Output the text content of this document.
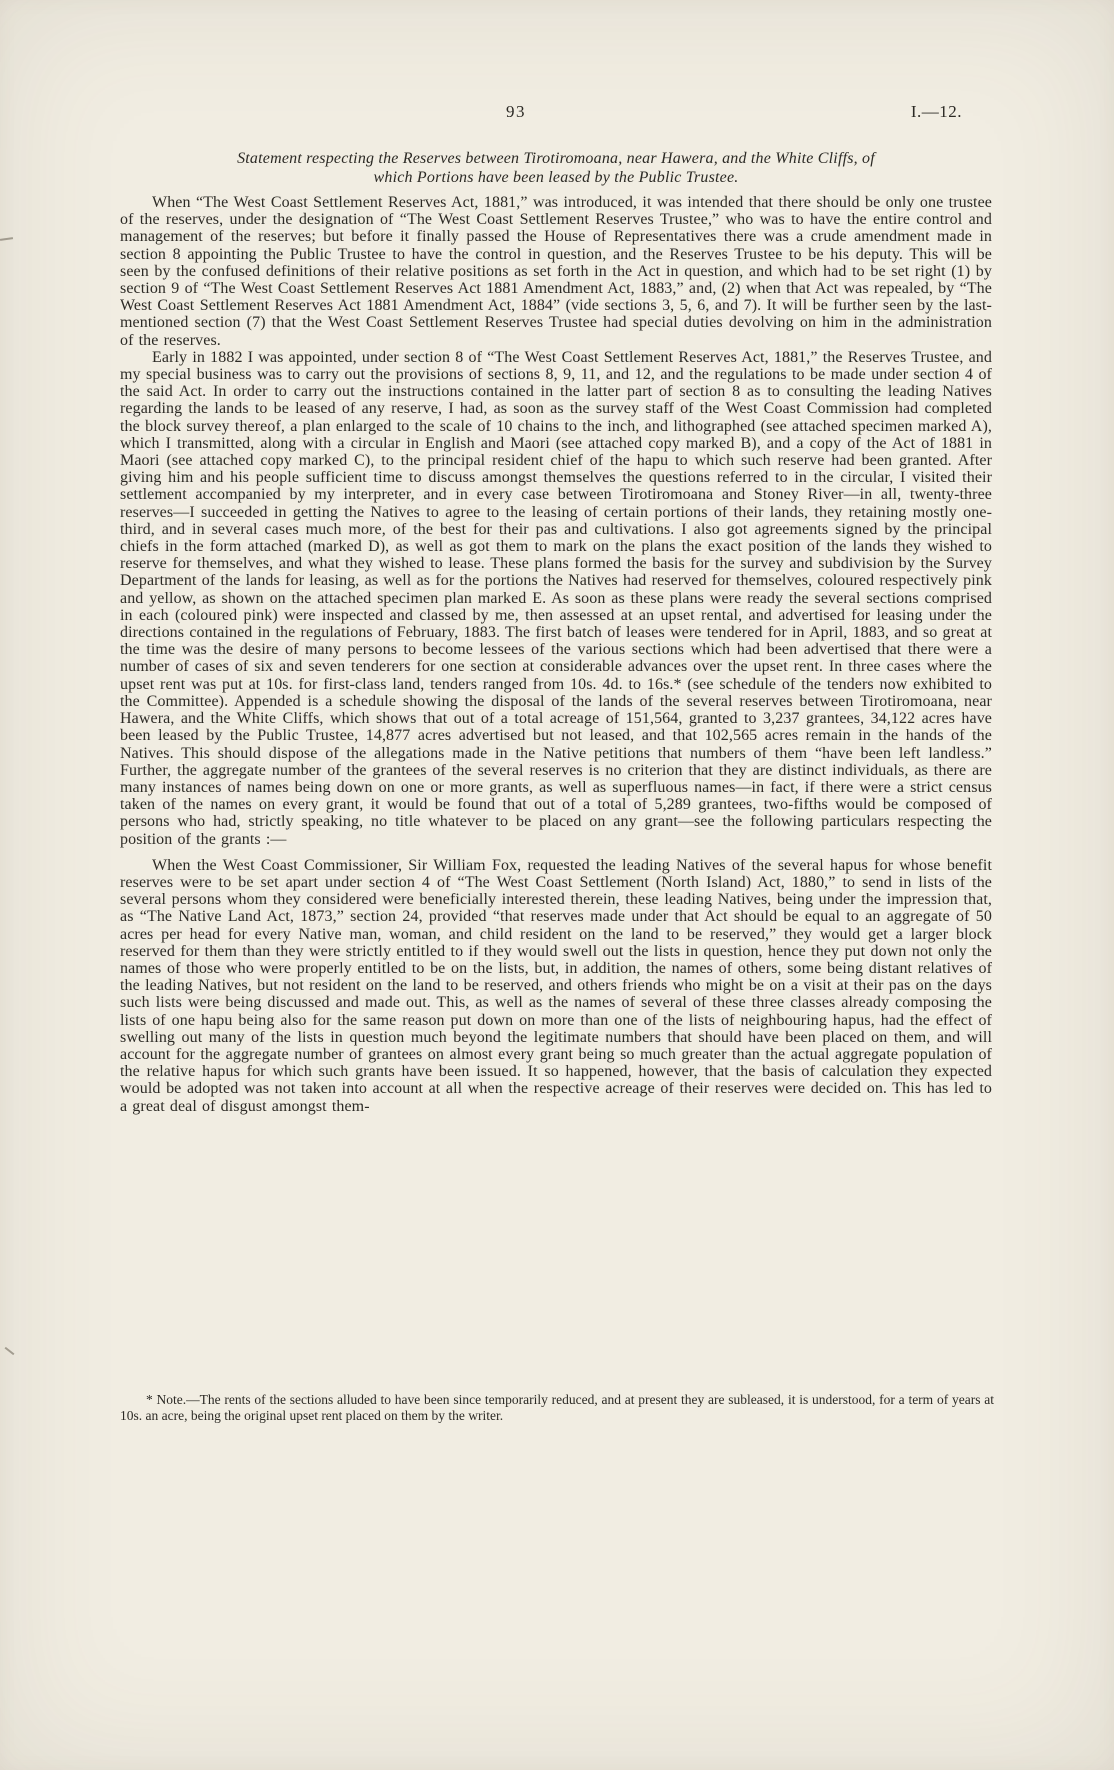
93	I.—12.
Statement respecting the Reserves between Tirotiromoana, near Hawera, and the White Cliffs, of
which Portions have been leased by the Public Trustee.

When “The West Coast Settlement Reserves Act, 1881,” was introduced, it was intended that there should be only one trustee of the reserves, under the designation of “The West Coast Settlement Reserves Trustee,” who was to have the entire control and management of the reserves; but before it finally passed the House of Representatives there was a crude amendment made in section 8 appointing the Public Trustee to have the control in question, and the Reserves Trustee to be his deputy. This will be seen by the confused definitions of their relative positions as set forth in the Act in question, and which had to be set right (1) by section 9 of “The West Coast Settlement Reserves Act 1881 Amendment Act, 1883,” and, (2) when that Act was repealed, by “The West Coast Settlement Reserves Act 1881 Amendment Act, 1884” (vide sections 3, 5, 6, and 7). It will be further seen by the last-mentioned section (7) that the West Coast Settlement Reserves Trustee had special duties devolving on him in the administration of the reserves.

Early in 1882 I was appointed, under section 8 of “The West Coast Settlement Reserves Act, 1881,” the Reserves Trustee, and my special business was to carry out the provisions of sections 8, 9, 11, and 12, and the regulations to be made under section 4 of the said Act. In order to carry out the instructions contained in the latter part of section 8 as to consulting the leading Natives regarding the lands to be leased of any reserve, I had, as soon as the survey staff of the West Coast Commission had completed the block survey thereof, a plan enlarged to the scale of 10 chains to the inch, and lithographed (see attached specimen marked A), which I transmitted, along with a circular in English and Maori (see attached copy marked B), and a copy of the Act of 1881 in Maori (see attached copy marked C), to the principal resident chief of the hapu to which such reserve had been granted. After giving him and his people sufficient time to discuss amongst themselves the questions referred to in the circular, I visited their settlement accompanied by my interpreter, and in every case between Tirotiromoana and Stoney River—in all, twenty-three reserves—I succeeded in getting the Natives to agree to the leasing of certain portions of their lands, they retaining mostly one-third, and in several cases much more, of the best for their pas and cultivations. I also got agreements signed by the principal chiefs in the form attached (marked D), as well as got them to mark on the plans the exact position of the lands they wished to reserve for themselves, and what they wished to lease. These plans formed the basis for the survey and subdivision by the Survey Department of the lands for leasing, as well as for the portions the Natives had reserved for themselves, coloured respectively pink and yellow, as shown on the attached specimen plan marked E. As soon as these plans were ready the several sections comprised in each (coloured pink) were inspected and classed by me, then assessed at an upset rental, and advertised for leasing under the directions contained in the regulations of February, 1883. The first batch of leases were tendered for in April, 1883, and so great at the time was the desire of many persons to become lessees of the various sections which had been advertised that there were a number of cases of six and seven tenderers for one section at considerable advances over the upset rent. In three cases where the upset rent was put at 10s. for first-class land, tenders ranged from 10s. 4d. to 16s.* (see schedule of the tenders now exhibited to the Committee). Appended is a schedule showing the disposal of the lands of the several reserves between Tirotiromoana, near Hawera, and the White Cliffs, which shows that out of a total acreage of 151,564, granted to 3,237 grantees, 34,122 acres have been leased by the Public Trustee, 14,877 acres advertised but not leased, and that 102,565 acres remain in the hands of the Natives. This should dispose of the allegations made in the Native petitions that numbers of them “have been left landless.” Further, the aggregate number of the grantees of the several reserves is no criterion that they are distinct individuals, as there are many instances of names being down on one or more grants, as well as superfluous names—in fact, if there were a strict census taken of the names on every grant, it would be found that out of a total of 5,289 grantees, two-fifths would be composed of persons who had, strictly speaking, no title whatever to be placed on any grant—see the following particulars respecting the position of the grants :—

When the West Coast Commissioner, Sir William Fox, requested the leading Natives of the several hapus for whose benefit reserves were to be set apart under section 4 of “The West Coast Settlement (North Island) Act, 1880,” to send in lists of the several persons whom they considered were beneficially interested therein, these leading Natives, being under the impression that, as “The Native Land Act, 1873,” section 24, provided “that reserves made under that Act should be equal to an aggregate of 50 acres per head for every Native man, woman, and child resident on the land to be reserved,” they would get a larger block reserved for them than they were strictly entitled to if they would swell out the lists in question, hence they put down not only the names of those who were properly entitled to be on the lists, but, in addition, the names of others, some being distant relatives of the leading Natives, but not resident on the land to be reserved, and others friends who might be on a visit at their pas on the days such lists were being discussed and made out. This, as well as the names of several of these three classes already composing the lists of one hapu being also for the same reason put down on more than one of the lists of neighbouring hapus, had the effect of swelling out many of the lists in question much beyond the legitimate numbers that should have been placed on them, and will account for the aggregate number of grantees on almost every grant being so much greater than the actual aggregate population of the relative hapus for which such grants have been issued. It so happened, however, that the basis of calculation they expected would be adopted was not taken into account at all when the respective acreage of their reserves were decided on. This has led to a great deal of disgust amongst them-

* Note.—The rents of the sections alluded to have been since temporarily reduced, and at present they are subleased, it is understood, for a term of years at 10s. an acre, being the original upset rent placed on them by the writer.
